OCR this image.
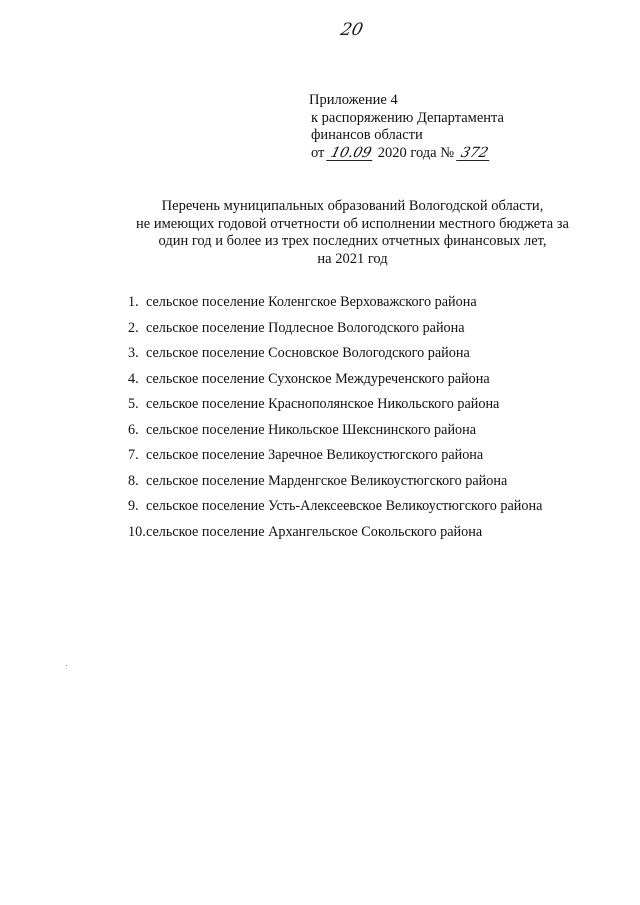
20
Приложение 4
к распоряжению Департамента
финансов области
от 10.09 2020 года № 372
Перечень муниципальных образований Вологодской области,
не имеющих годовой отчетности об исполнении местного бюджета за
один год и более из трех последних отчетных финансовых лет,
на 2021 год
1. сельское поселение Коленгское Верховажского района
2. сельское поселение Подлесное Вологодского района
3. сельское поселение Сосновское Вологодского района
4. сельское поселение Сухонское Междуреченского района
5. сельское поселение Краснополянское Никольского района
6. сельское поселение Никольское Шекснинского района
7. сельское поселение Заречное Великоустюгского района
8. сельское поселение Марденгское Великоустюгского района
9. сельское поселение Усть-Алексеевское Великоустюгского района
10. сельское поселение Архангельское Сокольского района
